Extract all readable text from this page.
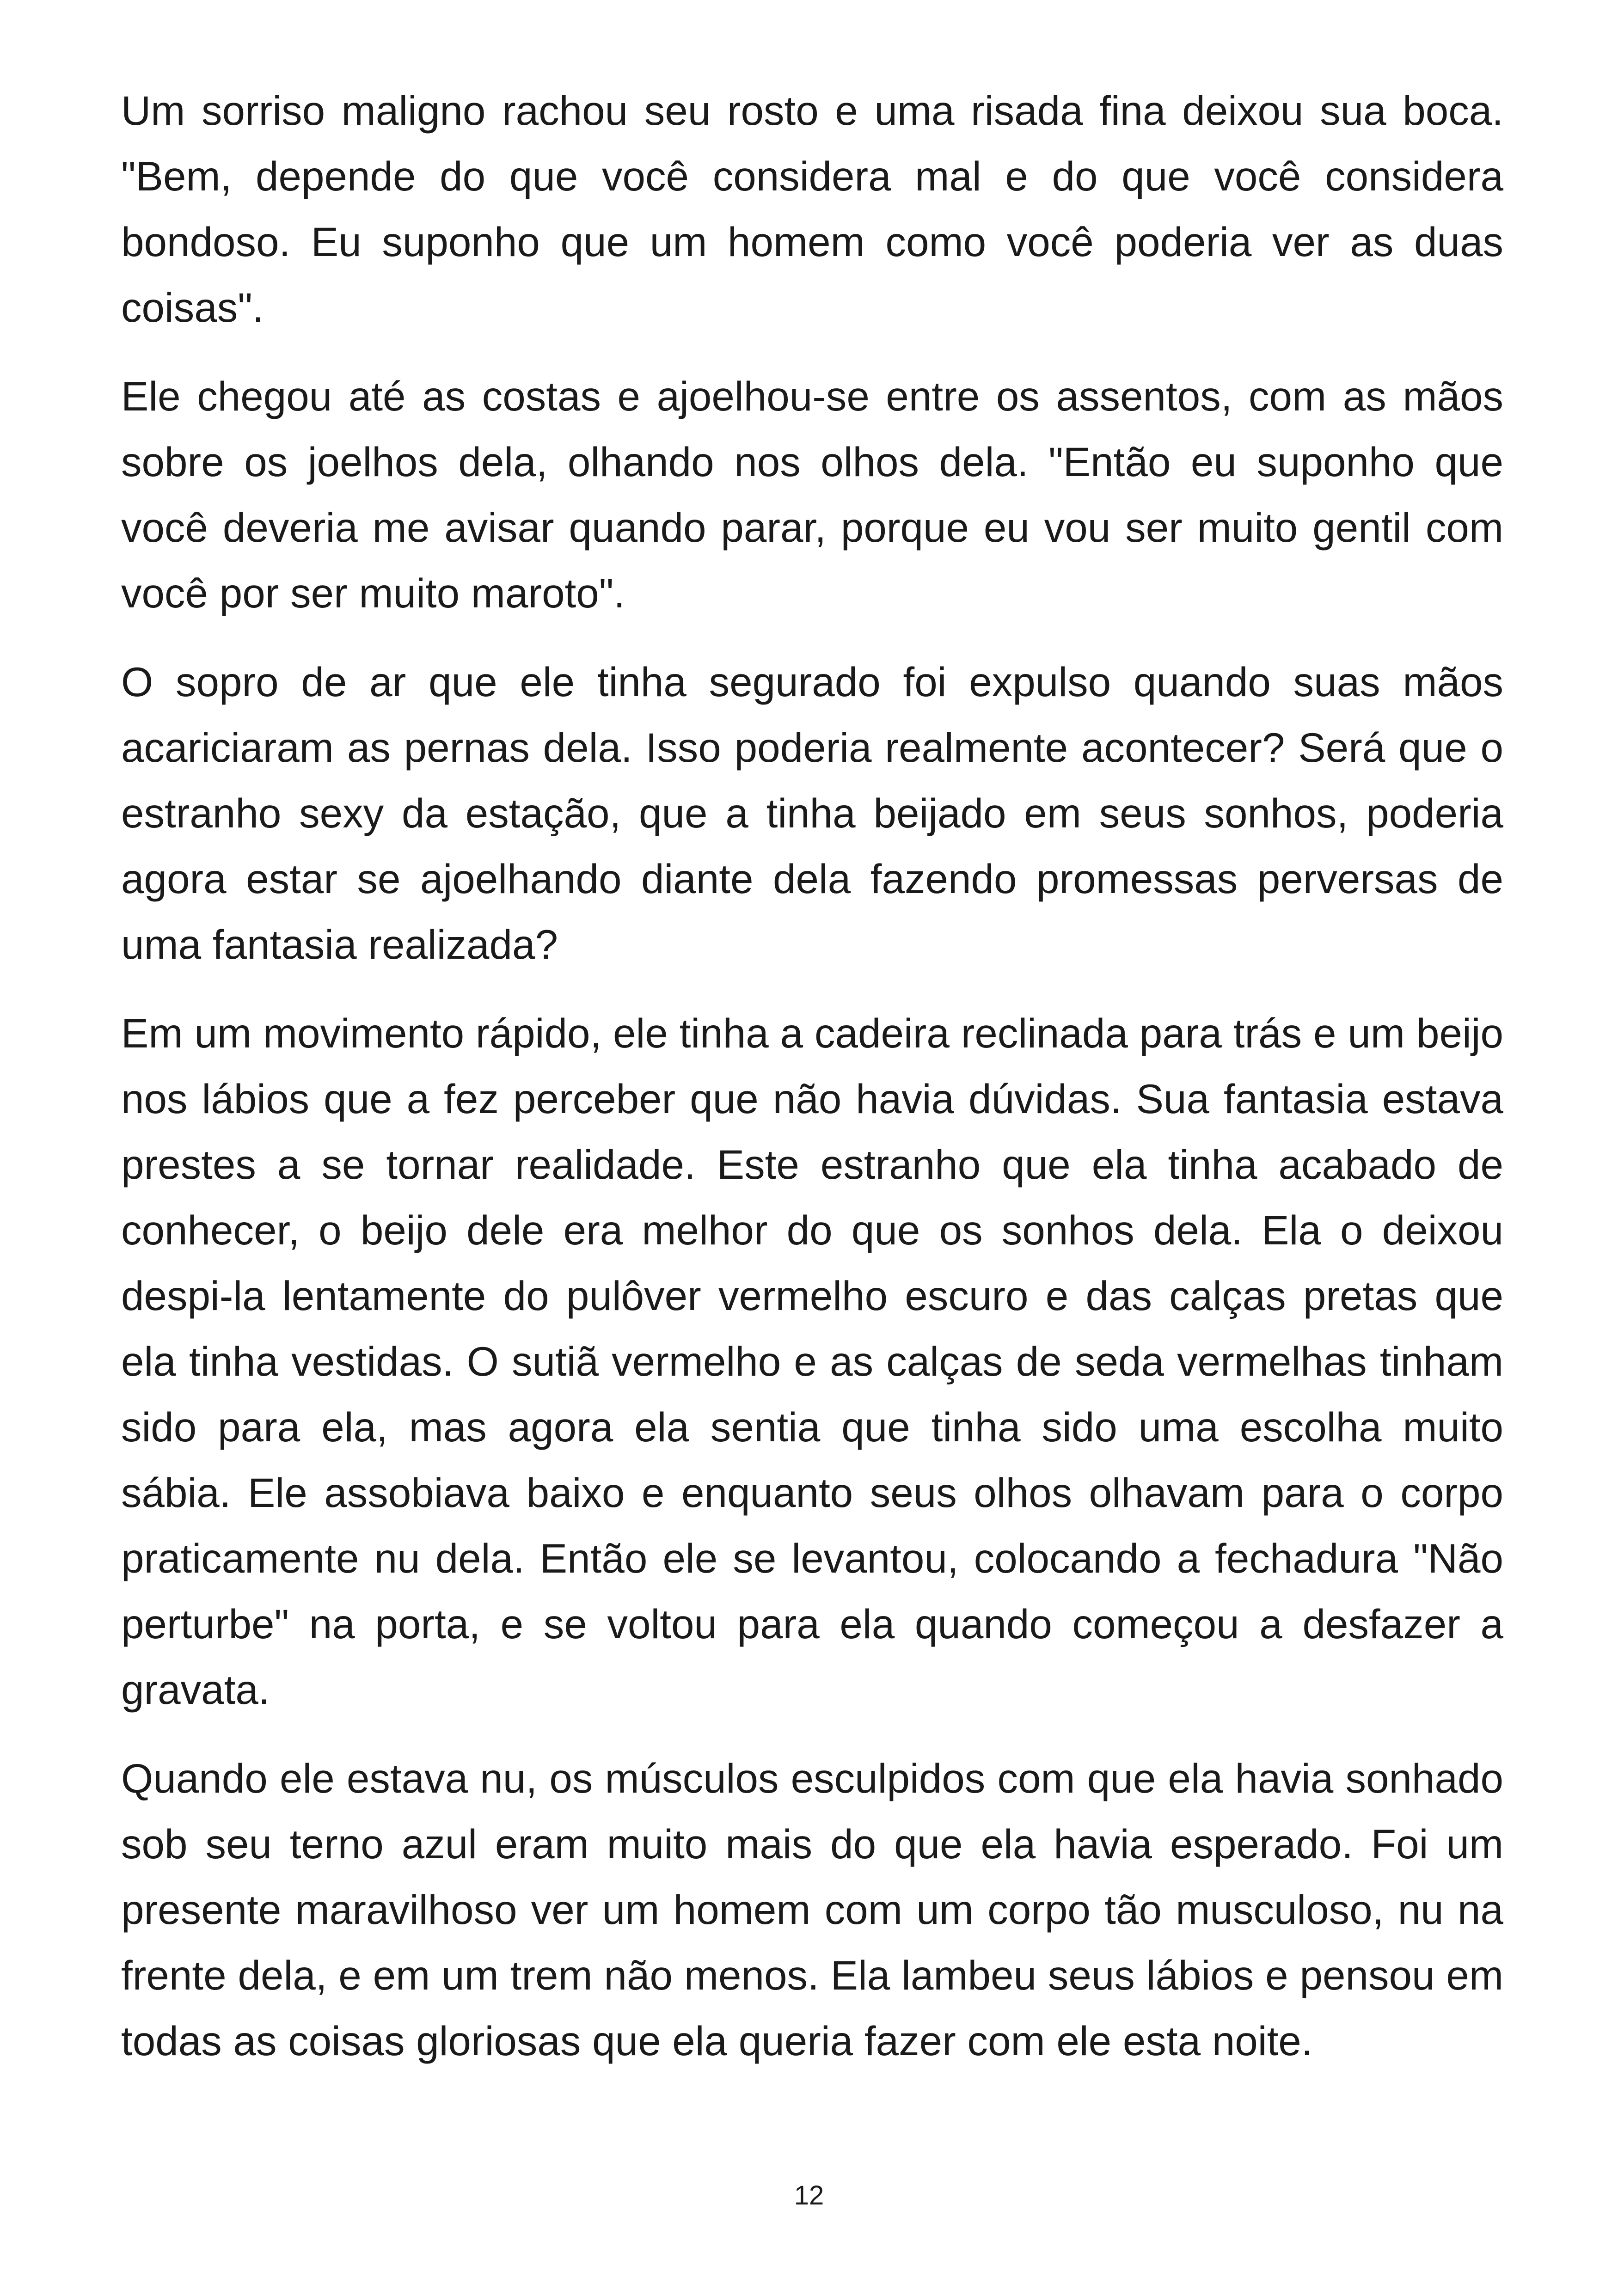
Um sorriso maligno rachou seu rosto e uma risada fina deixou sua boca. "Bem, depende do que você considera mal e do que você considera bondoso. Eu suponho que um homem como você poderia ver as duas coisas".

Ele chegou até as costas e ajoelhou-se entre os assentos, com as mãos sobre os joelhos dela, olhando nos olhos dela. "Então eu suponho que você deveria me avisar quando parar, porque eu vou ser muito gentil com você por ser muito maroto".

O sopro de ar que ele tinha segurado foi expulso quando suas mãos acariciaram as pernas dela. Isso poderia realmente acontecer? Será que o estranho sexy da estação, que a tinha beijado em seus sonhos, poderia agora estar se ajoelhando diante dela fazendo promessas perversas de uma fantasia realizada?

Em um movimento rápido, ele tinha a cadeira reclinada para trás e um beijo nos lábios que a fez perceber que não havia dúvidas. Sua fantasia estava prestes a se tornar realidade. Este estranho que ela tinha acabado de conhecer, o beijo dele era melhor do que os sonhos dela. Ela o deixou despi-la lentamente do pulôver vermelho escuro e das calças pretas que ela tinha vestidas. O sutiã vermelho e as calças de seda vermelhas tinham sido para ela, mas agora ela sentia que tinha sido uma escolha muito sábia. Ele assobiava baixo e enquanto seus olhos olhavam para o corpo praticamente nu dela. Então ele se levantou, colocando a fechadura "Não perturbe" na porta, e se voltou para ela quando começou a desfazer a gravata.

Quando ele estava nu, os músculos esculpidos com que ela havia sonhado sob seu terno azul eram muito mais do que ela havia esperado. Foi um presente maravilhoso ver um homem com um corpo tão musculoso, nu na frente dela, e em um trem não menos. Ela lambeu seus lábios e pensou em todas as coisas gloriosas que ela queria fazer com ele esta noite.

12
